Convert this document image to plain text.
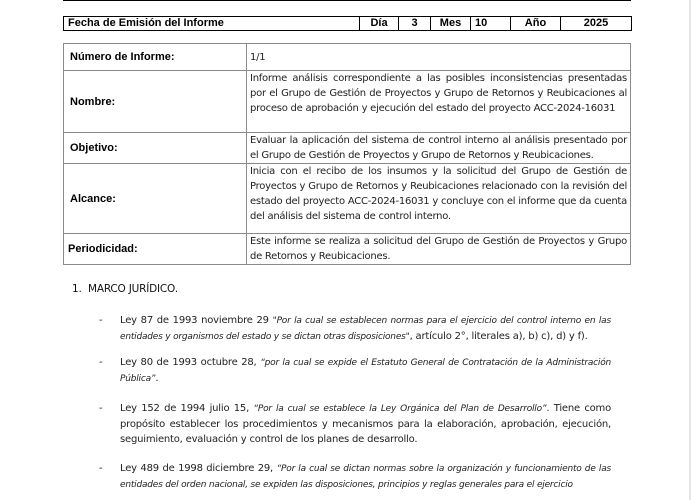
Fecha de Emisión del Informe	Día	3	Mes	10	Año	2025
Número de Informe:	1/1
Nombre:	Informe análisis correspondiente a las posibles inconsistencias presentadas por el Grupo de Gestión de Proyectos y Grupo de Retornos y Reubicaciones al proceso de aprobación y ejecución del estado del proyecto ACC-2024-16031
Objetivo:	Evaluar la aplicación del sistema de control interno al análisis presentado por el Grupo de Gestión de Proyectos y Grupo de Retornos y Reubicaciones.
Alcance:	Inicia con el recibo de los insumos y la solicitud del Grupo de Gestión de Proyectos y Grupo de Retornos y Reubicaciones relacionado con la revisión del estado del proyecto ACC-2024-16031 y concluye con el informe que da cuenta del análisis del sistema de control interno.
Periodicidad:	Este informe se realiza a solicitud del Grupo de Gestión de Proyectos y Grupo de Retornos y Reubicaciones.
1. MARCO JURÍDICO.
- Ley 87 de 1993 noviembre 29 "Por la cual se establecen normas para el ejercicio del control interno en las entidades y organismos del estado y se dictan otras disposiciones", artículo 2°, literales a), b) c), d) y f).
- Ley 80 de 1993 octubre 28, “por la cual se expide el Estatuto General de Contratación de la Administración Pública”.
- Ley 152 de 1994 julio 15, “Por la cual se establece la Ley Orgánica del Plan de Desarrollo”. Tiene como propósito establecer los procedimientos y mecanismos para la elaboración, aprobación, ejecución, seguimiento, evaluación y control de los planes de desarrollo.
- Ley 489 de 1998 diciembre 29, “Por la cual se dictan normas sobre la organización y funcionamiento de las entidades del orden nacional, se expiden las disposiciones, principios y reglas generales para el ejercicio
